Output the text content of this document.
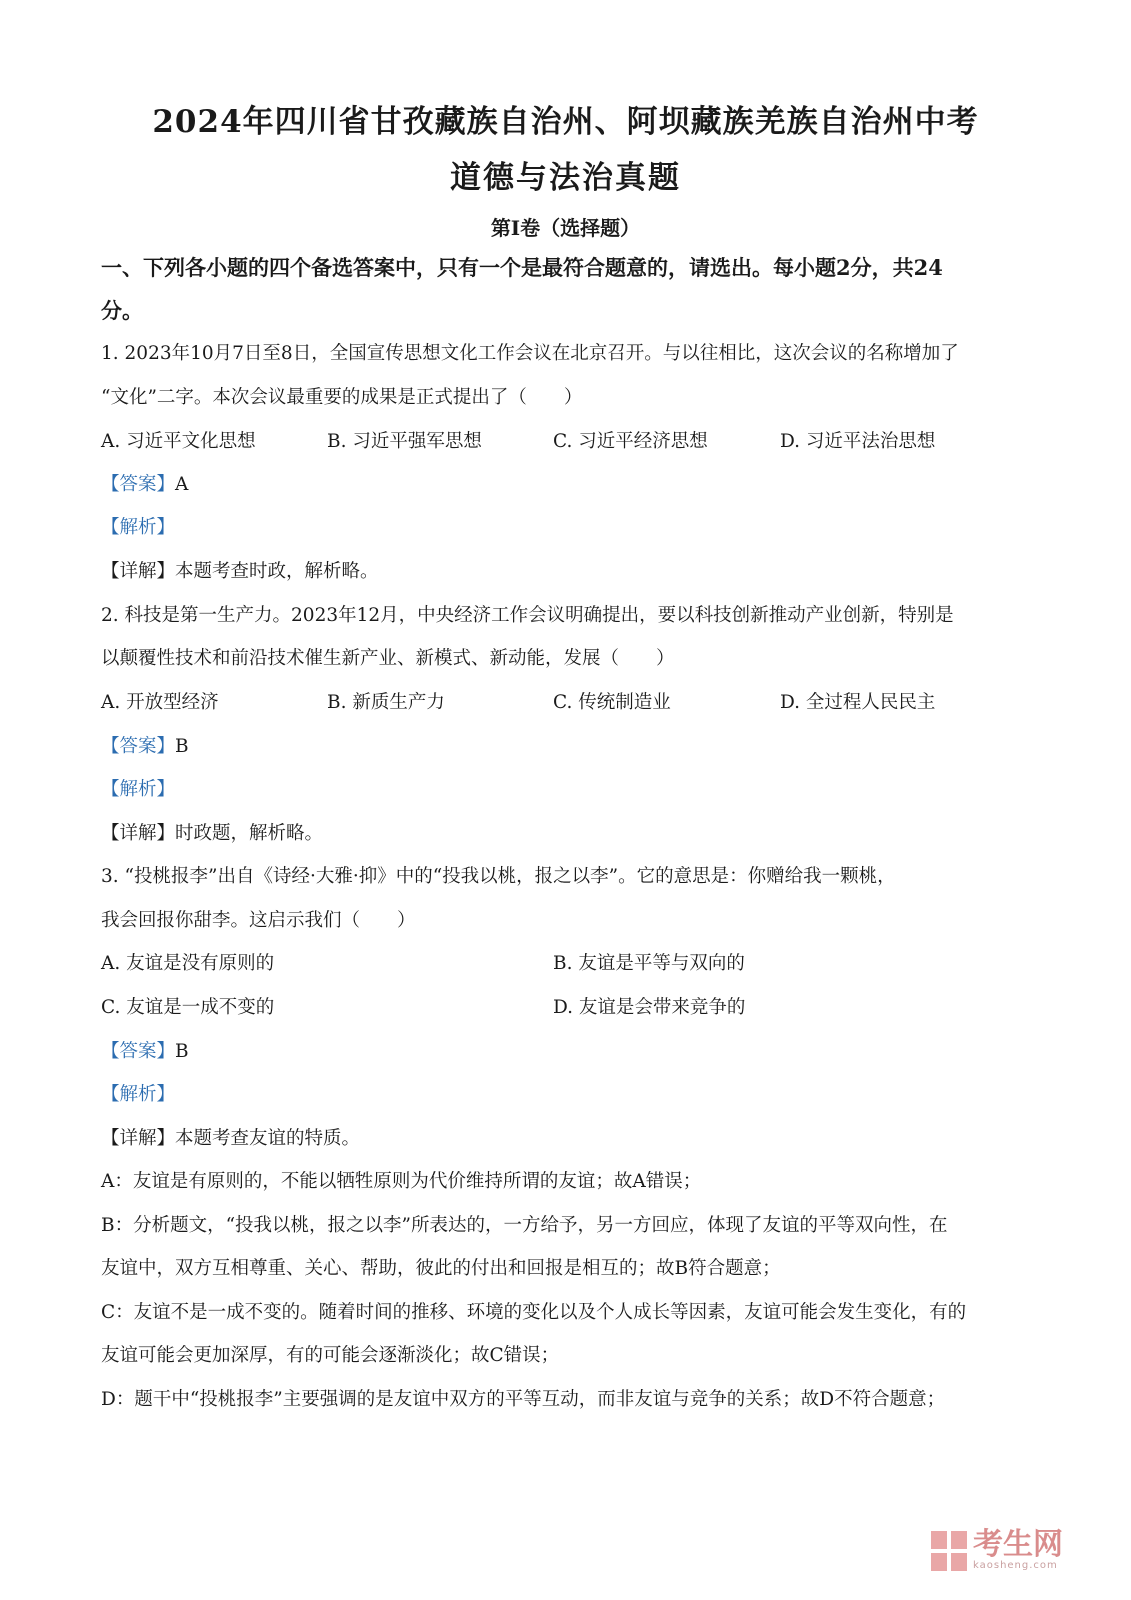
2024年四川省甘孜藏族自治州、阿坝藏族羌族自治州中考
道德与法治真题
第Ⅰ卷（选择题）
一、下列各小题的四个备选答案中，只有一个是最符合题意的，请选出。每小题2分，共24
分。
1. 2023年10月7日至8日，全国宣传思想文化工作会议在北京召开。与以往相比，这次会议的名称增加了
“文化”二字。本次会议最重要的成果是正式提出了（　　）
A. 习近平文化思想	B. 习近平强军思想	C. 习近平经济思想	D. 习近平法治思想
【答案】A
【解析】
【详解】本题考查时政，解析略。
2. 科技是第一生产力。2023年12月，中央经济工作会议明确提出，要以科技创新推动产业创新，特别是
以颠覆性技术和前沿技术催生新产业、新模式、新动能，发展（　　）
A. 开放型经济	B. 新质生产力	C. 传统制造业	D. 全过程人民民主
【答案】B
【解析】
【详解】时政题，解析略。
3. “投桃报李”出自《诗经·大雅·抑》中的“投我以桃，报之以李”。它的意思是：你赠给我一颗桃，
我会回报你甜李。这启示我们（　　）
A. 友谊是没有原则的	B. 友谊是平等与双向的
C. 友谊是一成不变的	D. 友谊是会带来竞争的
【答案】B
【解析】
【详解】本题考查友谊的特质。
A：友谊是有原则的，不能以牺牲原则为代价维持所谓的友谊；故A错误；
B：分析题文，“投我以桃，报之以李”所表达的，一方给予，另一方回应，体现了友谊的平等双向性，在
友谊中，双方互相尊重、关心、帮助，彼此的付出和回报是相互的；故B符合题意；
C：友谊不是一成不变的。随着时间的推移、环境的变化以及个人成长等因素，友谊可能会发生变化，有的
友谊可能会更加深厚，有的可能会逐渐淡化；故C错误；
D：题干中“投桃报李”主要强调的是友谊中双方的平等互动，而非友谊与竞争的关系；故D不符合题意；
考生网
kaosheng.com
